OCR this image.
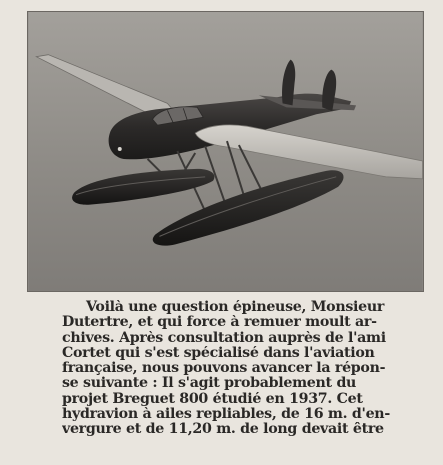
Voilà une question épineuse, Monsieur
Dutertre, et qui force à remuer moult ar-
chives. Après consultation auprès de l'ami
Cortet qui s'est spécialisé dans l'aviation
française, nous pouvons avancer la répon-
se suivante : Il s'agit probablement du
projet Breguet 800 étudié en 1937. Cet
hydravion à ailes repliables, de 16 m. d'en-
vergure et de 11,20 m. de long devait être
